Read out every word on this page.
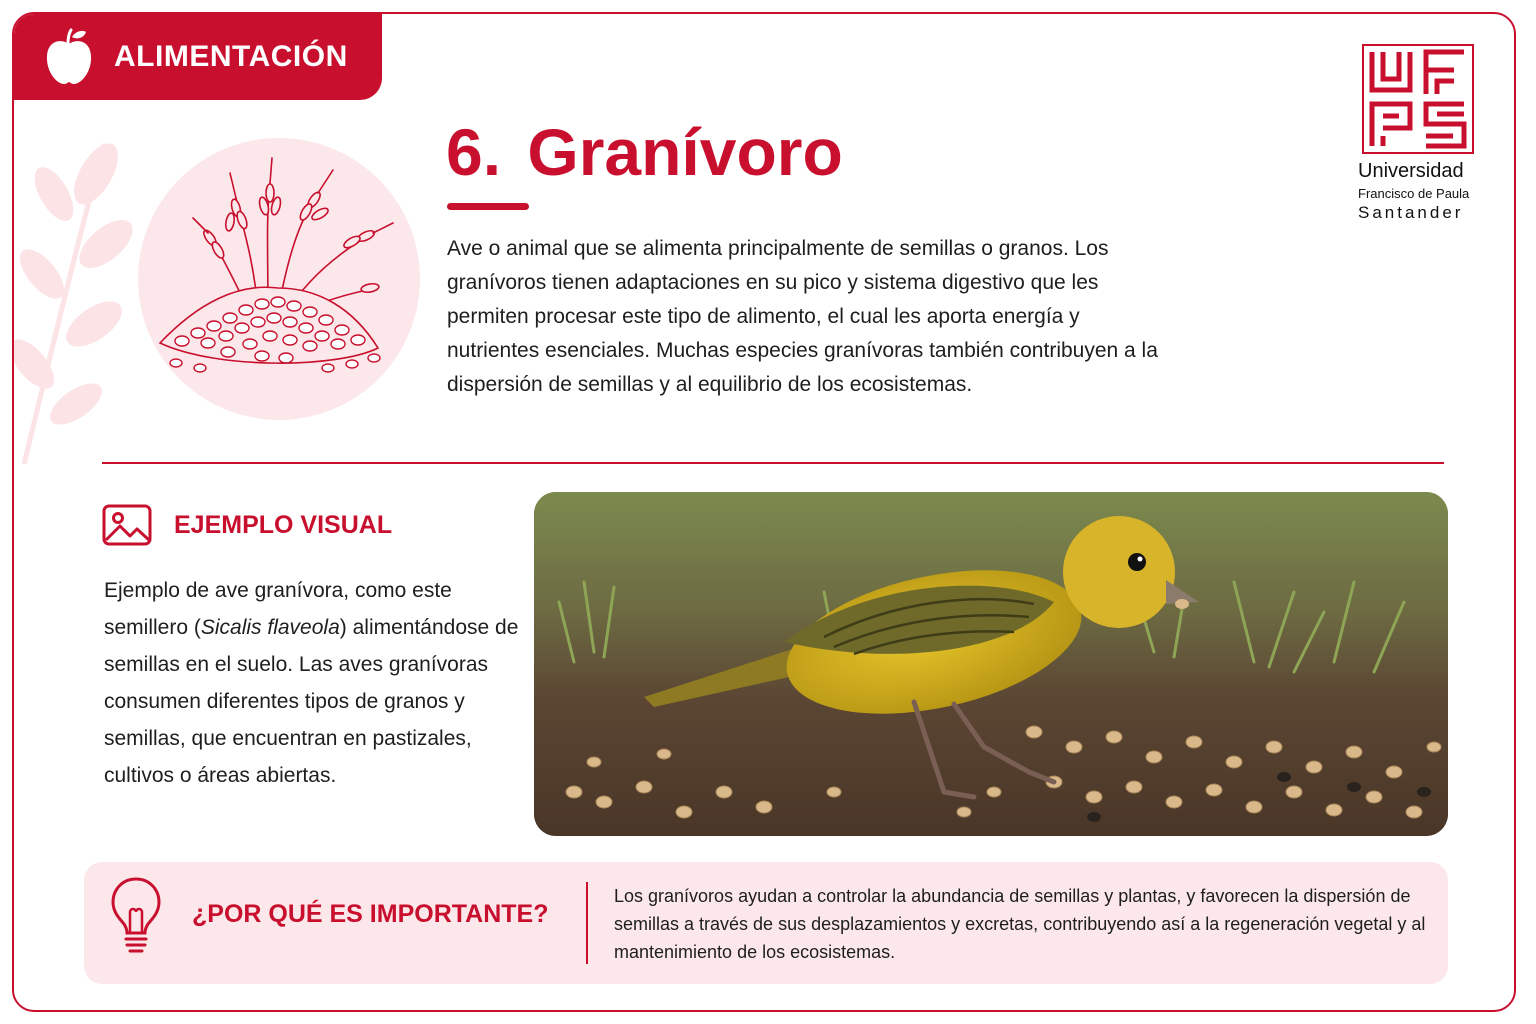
ALIMENTACIÓN
6. Granívoro

Ave o animal que se alimenta principalmente de semillas o granos. Los granívoros tienen adaptaciones en su pico y sistema digestivo que les permiten procesar este tipo de alimento, el cual les aporta energía y nutrientes esenciales. Muchas especies granívoras también contribuyen a la dispersión de semillas y al equilibrio de los ecosistemas.

Universidad
Francisco de Paula
Santander
EJEMPLO VISUAL

Ejemplo de ave granívora, como este semillero (Sicalis flaveola) alimentándose de semillas en el suelo. Las aves granívoras consumen diferentes tipos de granos y semillas, que encuentran en pastizales, cultivos o áreas abiertas.

¿POR QUÉ ES IMPORTANTE?

Los granívoros ayudan a controlar la abundancia de semillas y plantas, y favorecen la dispersión de semillas a través de sus desplazamientos y excretas, contribuyendo así a la regeneración vegetal y al mantenimiento de los ecosistemas.
